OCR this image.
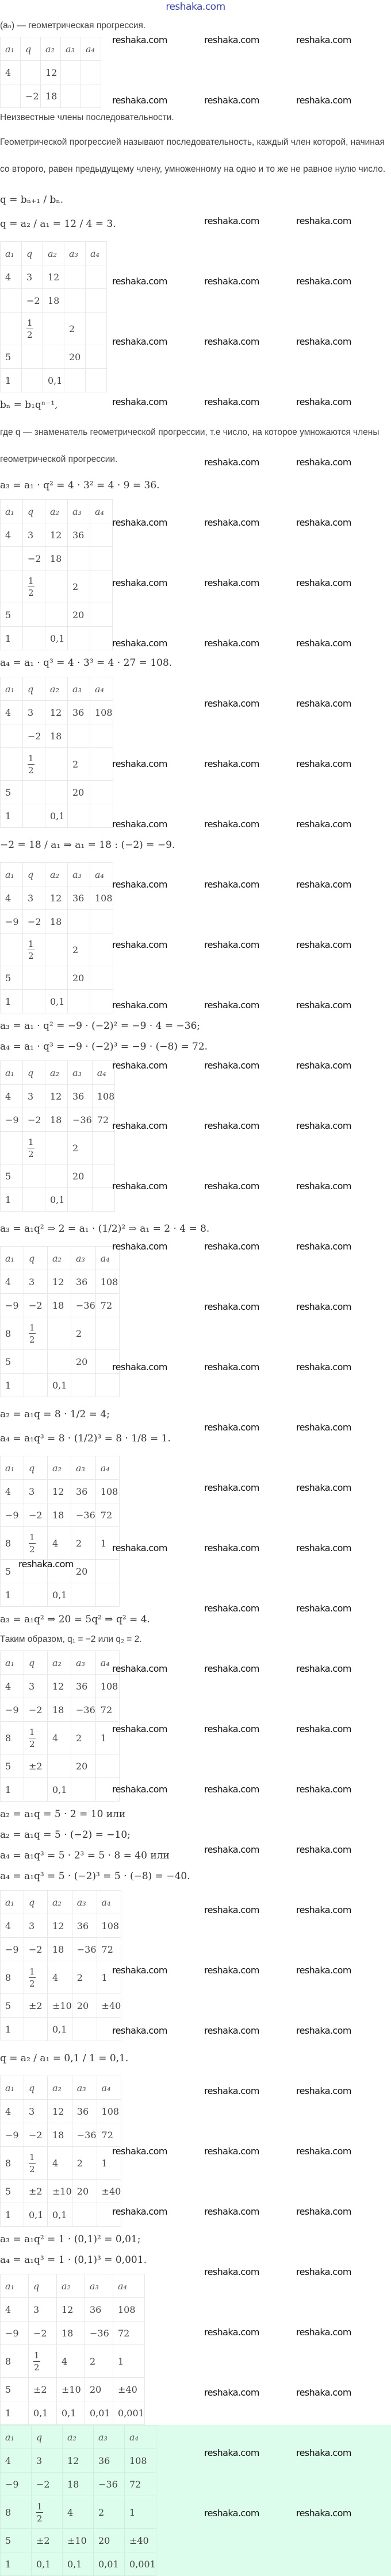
reshaka.com
(aₙ) — геометрическая прогрессия.
a₁	q	a₂	a₃	a₄
4		12		
	−2	18		
Неизвестные члены последовательности.
Геометрической прогрессией называют последовательность, каждый член которой, начиная со второго, равен предыдущему члену, умноженному на одно и то же не равное нулю число.
q = bₙ₊₁ / bₙ.
q = a₂ / a₁ = 12 / 4 = 3.
a₁	q	a₂	a₃	a₄
4	3	12		
	−2	18		

	$\frac{1}{2}$		2	
5			20	
1		0,1		
bₙ = b₁qⁿ⁻¹,
где q — знаменатель геометрической прогрессии, т.е число, на которое умножаются члены геометрической прогрессии.
a₃ = a₁ · q² = 4 · 3² = 4 · 9 = 36.
a₁	q	a₂	a₃	a₄
4	3	12	36	
	−2	18		

	$\frac{1}{2}$		2	
5			20	
1		0,1		
a₄ = a₁ · q³ = 4 · 3³ = 4 · 27 = 108.
a₁	q	a₂	a₃	a₄
4	3	12	36	108
	−2	18		

	$\frac{1}{2}$		2	
5			20	
1		0,1		
−2 = 18 / a₁ ⇒ a₁ = 18 : (−2) = −9.
a₁	q	a₂	a₃	a₄
4	3	12	36	108
−9	−2	18		

	$\frac{1}{2}$		2	
5			20	
1		0,1		
a₃ = a₁ · q² = −9 · (−2)² = −9 · 4 = −36;
a₄ = a₁ · q³ = −9 · (−2)³ = −9 · (−8) = 72.
a₁	q	a₂	a₃	a₄
4	3	12	36	108
−9	−2	18	−36	72

	$\frac{1}{2}$		2	
5			20	
1		0,1		
a₃ = a₁q² ⇒ 2 = a₁ · (1/2)² ⇒ a₁ = 2 · 4 = 8.
a₁	q	a₂	a₃	a₄
4	3	12	36	108
−9	−2	18	−36	72
8	$\frac{1}{2}$		2	
5			20	
1		0,1		
a₂ = a₁q = 8 · 1/2 = 4;
a₄ = a₁q³ = 8 · (1/2)³ = 8 · 1/8 = 1.
a₁	q	a₂	a₃	a₄
4	3	12	36	108
−9	−2	18	−36	72
8	$\frac{1}{2}$	4	2	1
5			20	
1		0,1		
a₃ = a₁q² ⇒ 20 = 5q² ⇒ q² = 4.
Таким образом, q₁ = −2 или q₂ = 2.
a₁	q	a₂	a₃	a₄
4	3	12	36	108
−9	−2	18	−36	72
8	$\frac{1}{2}$	4	2	1
5	±2		20	
1		0,1		
a₂ = a₁q = 5 · 2 = 10 или
a₂ = a₁q = 5 · (−2) = −10;
a₄ = a₁q³ = 5 · 2³ = 5 · 8 = 40 или
a₄ = a₁q³ = 5 · (−2)³ = 5 · (−8) = −40.
a₁	q	a₂	a₃	a₄
4	3	12	36	108
−9	−2	18	−36	72
8	$\frac{1}{2}$	4	2	1
5	±2	±10	20	±40
1		0,1		
q = a₂ / a₁ = 0,1 / 1 = 0,1.
a₁	q	a₂	a₃	a₄
4	3	12	36	108
−9	−2	18	−36	72
8	$\frac{1}{2}$	4	2	1
5	±2	±10	20	±40
1	0,1	0,1		
a₃ = a₁q² = 1 · (0,1)² = 0,01;
a₄ = a₁q³ = 1 · (0,1)³ = 0,001.
a₁	q	a₂	a₃	a₄
4	3	12	36	108
−9	−2	18	−36	72
8	$\frac{1}{2}$	4	2	1
5	±2	±10	20	±40
1	0,1	0,1	0,01	0,001
a₁	q	a₂	a₃	a₄
4	3	12	36	108
−9	−2	18	−36	72
8	$\frac{1}{2}$	4	2	1
5	±2	±10	20	±40
1	0,1	0,1	0,01	0,001
reshaka.com	reshaka.com	reshaka.com
reshaka.com	reshaka.com	reshaka.com
reshaka.com	reshaka.com
reshaka.com	reshaka.com	reshaka.com
reshaka.com	reshaka.com	reshaka.com
reshaka.com	reshaka.com	reshaka.com
reshaka.com	reshaka.com
reshaka.com	reshaka.com	reshaka.com
reshaka.com	reshaka.com	reshaka.com
reshaka.com	reshaka.com	reshaka.com
reshaka.com	reshaka.com
reshaka.com	reshaka.com	reshaka.com
reshaka.com	reshaka.com	reshaka.com
reshaka.com	reshaka.com	reshaka.com
reshaka.com	reshaka.com	reshaka.com
reshaka.com	reshaka.com	reshaka.com
reshaka.com	reshaka.com	reshaka.com
reshaka.com	reshaka.com	reshaka.com
reshaka.com	reshaka.com	reshaka.com
reshaka.com	reshaka.com	reshaka.com
reshaka.com	reshaka.com
reshaka.com	reshaka.com	reshaka.com
reshaka.com	reshaka.com
reshaka.com	reshaka.com
reshaka.com	reshaka.com	reshaka.com
reshaka.com
reshaka.com	reshaka.com
reshaka.com	reshaka.com	reshaka.com
reshaka.com	reshaka.com	reshaka.com
reshaka.com	reshaka.com	reshaka.com
reshaka.com	reshaka.com
reshaka.com	reshaka.com
reshaka.com	reshaka.com	reshaka.com
reshaka.com	reshaka.com	reshaka.com
reshaka.com	reshaka.com
reshaka.com	reshaka.com	reshaka.com
reshaka.com	reshaka.com	reshaka.com
reshaka.com	reshaka.com
reshaka.com	reshaka.com
reshaka.com	reshaka.com
reshaka.com	reshaka.com
reshaka.com	reshaka.com
